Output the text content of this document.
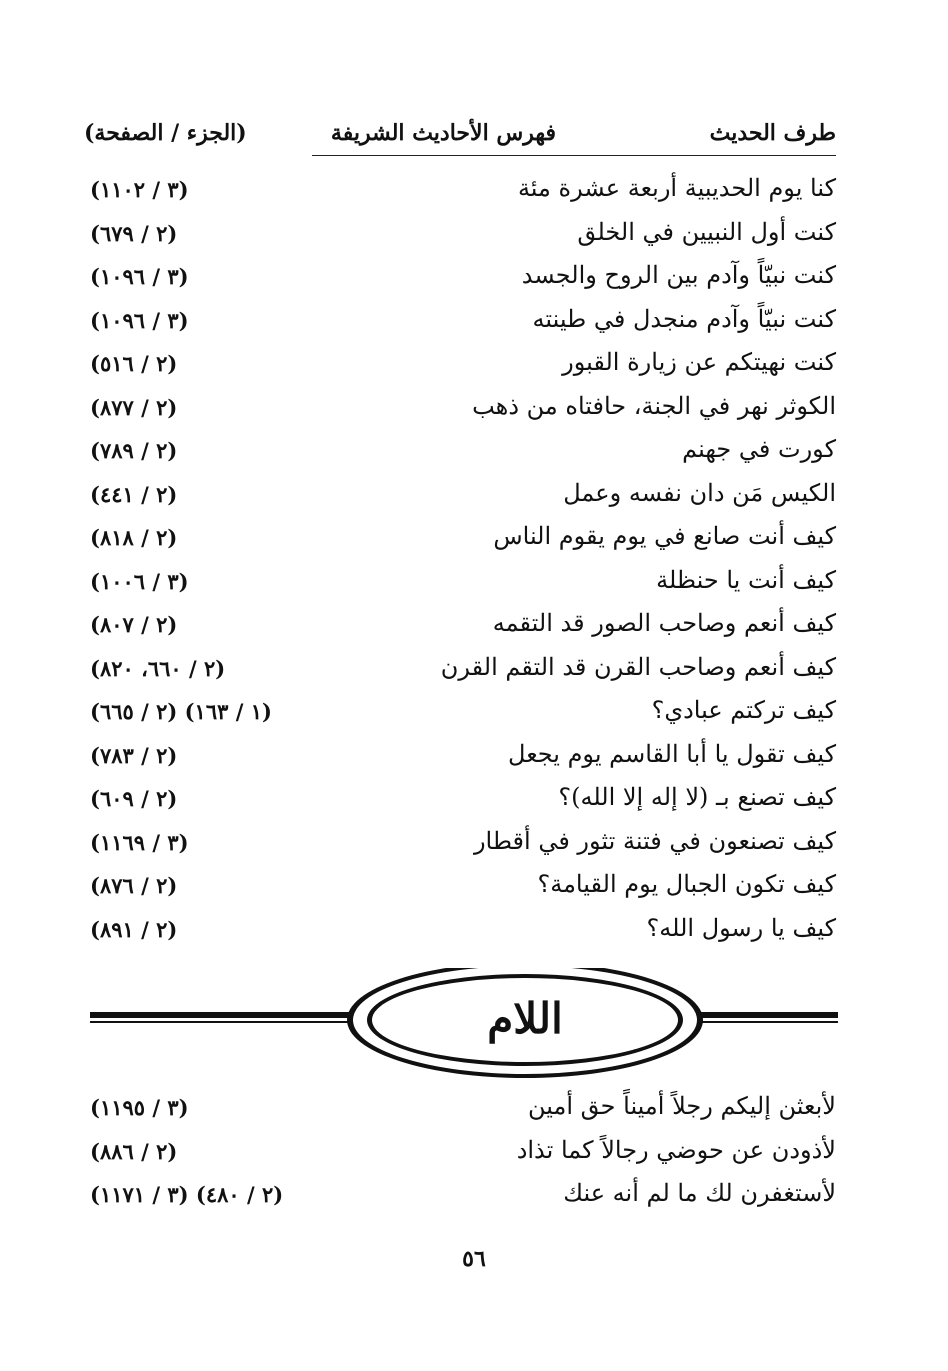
طرف الحديث
فهرس الأحاديث الشريفة
(الجزء / الصفحة)
كنا يوم الحديبية أربعة عشرة مئة
(٣ / ١١٠٢)
كنت أول النبيين في الخلق
(٢ / ٦٧٩)
كنت نبيّاً وآدم بين الروح والجسد
(٣ / ١٠٩٦)
كنت نبيّاً وآدم منجدل في طينته
(٣ / ١٠٩٦)
كنت نهيتكم عن زيارة القبور
(٢ / ٥١٦)
الكوثر نهر في الجنة، حافتاه من ذهب
(٢ / ٨٧٧)
كورت في جهنم
(٢ / ٧٨٩)
الكيس مَن دان نفسه وعمل
(٢ / ٤٤١)
كيف أنت صانع في يوم يقوم الناس
(٢ / ٨١٨)
كيف أنت يا حنظلة
(٣ / ١٠٠٦)
كيف أنعم وصاحب الصور قد التقمه
(٢ / ٨٠٧)
كيف أنعم وصاحب القرن قد التقم القرن
(٢ / ٦٦٠، ٨٢٠)
كيف تركتم عبادي؟
(١ / ١٦٣) (٢ / ٦٦٥)
كيف تقول يا أبا القاسم يوم يجعل
(٢ / ٧٨٣)
كيف تصنع بـ (لا إله إلا الله)؟
(٢ / ٦٠٩)
كيف تصنعون في فتنة تثور في أقطار
(٣ / ١١٦٩)
كيف تكون الجبال يوم القيامة؟
(٢ / ٨٧٦)
كيف يا رسول الله؟
(٢ / ٨٩١)
اللام
لأبعثن إليكم رجلاً أميناً حق أمين
(٣ / ١١٩٥)
لأذودن عن حوضي رجالاً كما تذاد
(٢ / ٨٨٦)
لأستغفرن لك ما لم أنه عنك
(٢ / ٤٨٠) (٣ / ١١٧١)
٥٦
